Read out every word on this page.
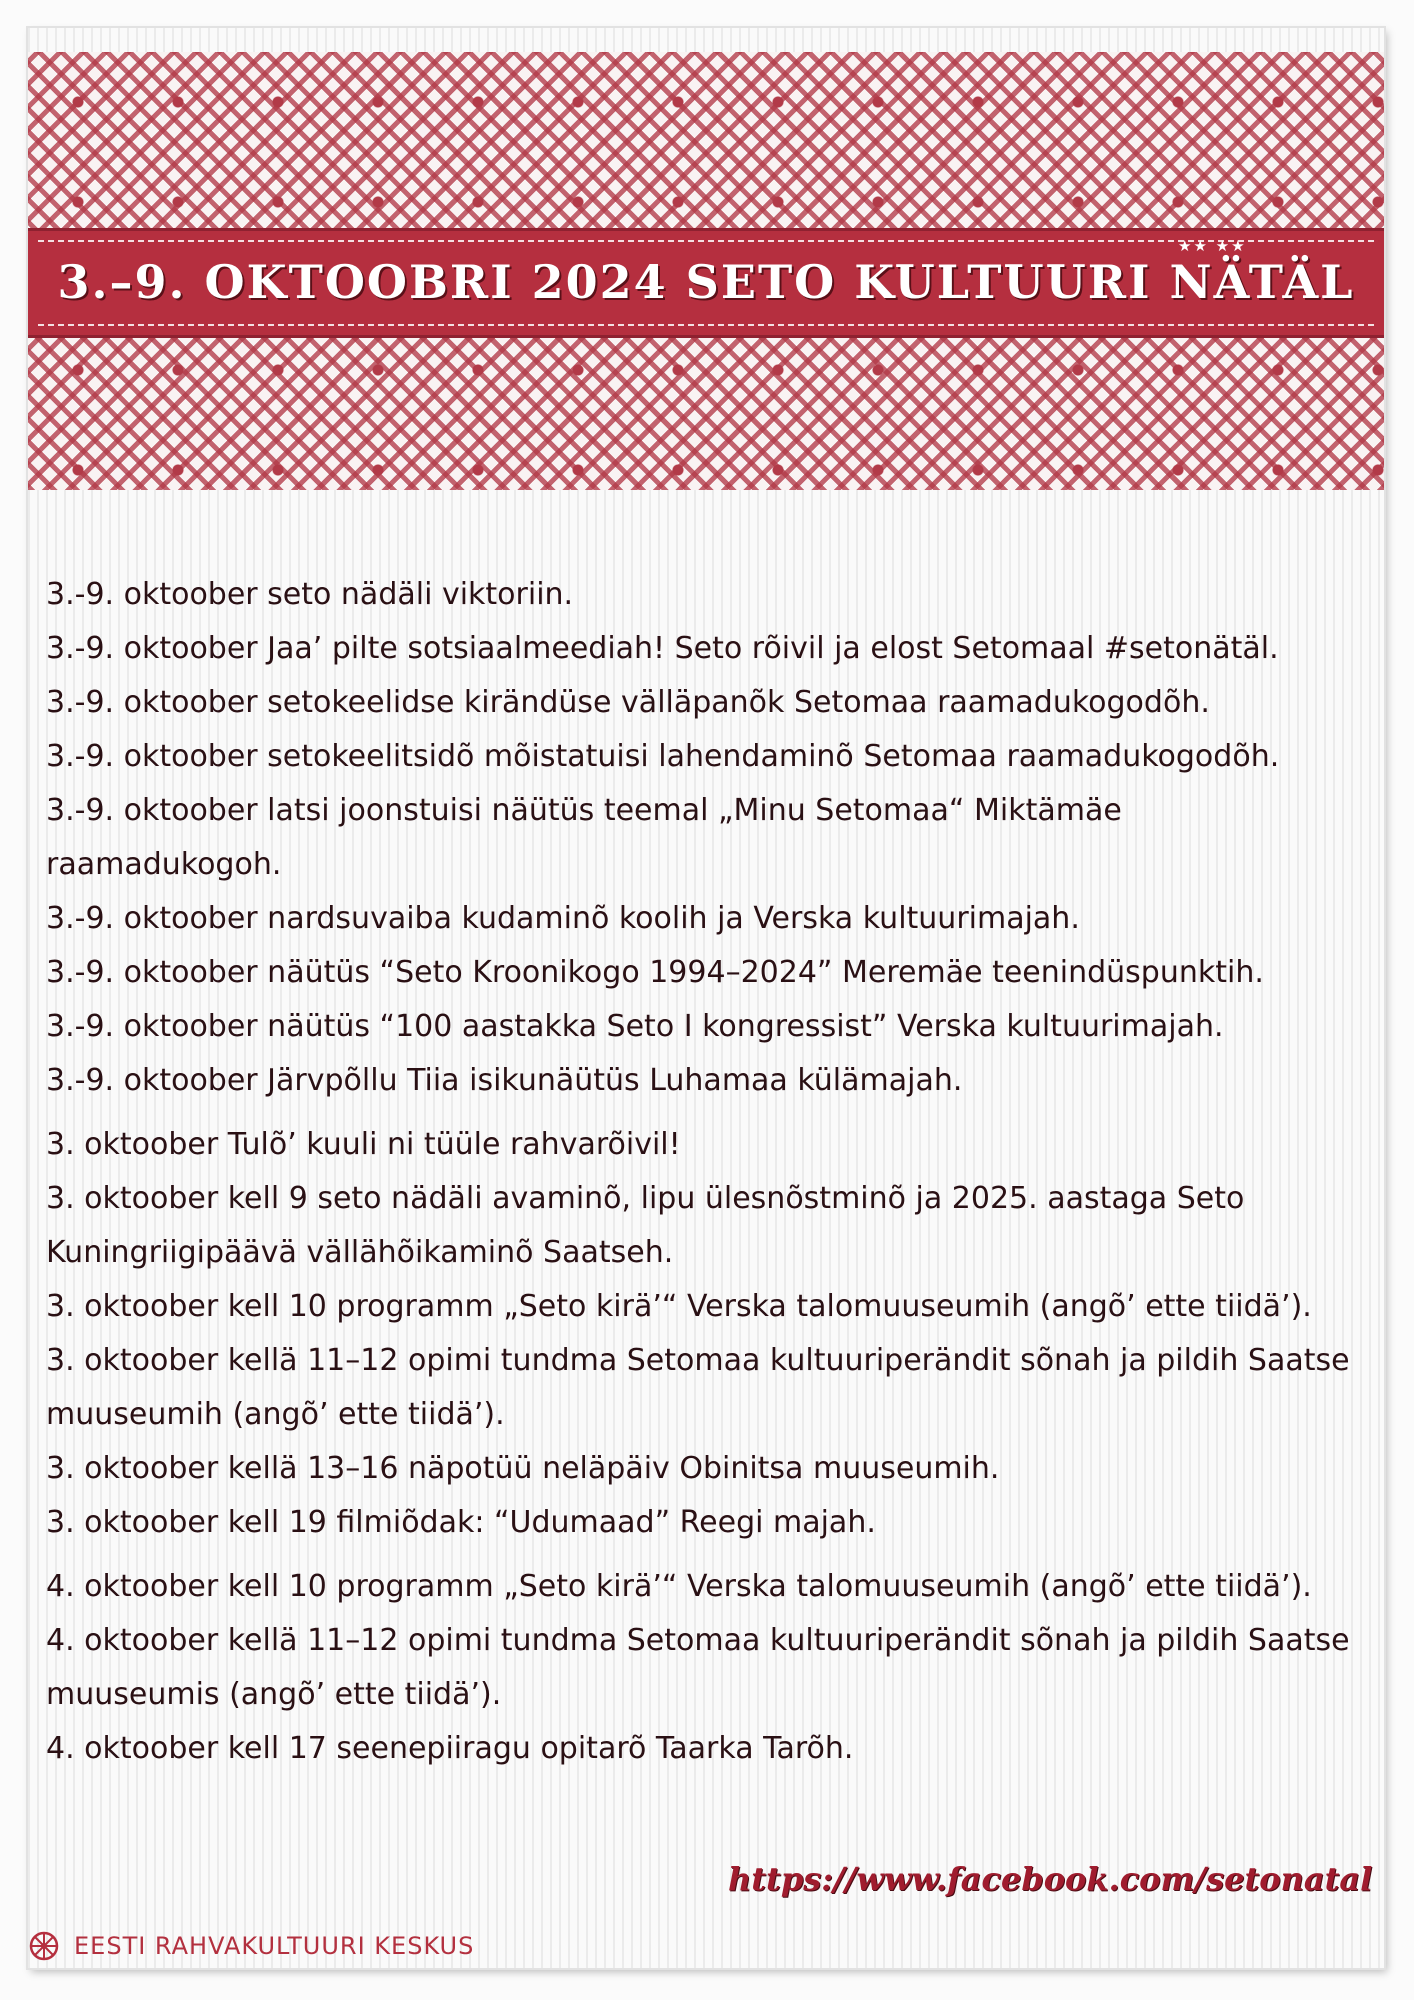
★★ ★★
3.–9. OKTOOBRI 2024 SETO KULTUURI NÄTÄL

3.-9. oktoober seto nädäli viktoriin.

3.-9. oktoober Jaa’ pilte sotsiaalmeediah! Seto rõivil ja elost Setomaal #setonätäl.

3.-9. oktoober setokeelidse kirändüse välläpanõk Setomaa raamadukogodõh.

3.-9. oktoober setokeelitsidõ mõistatuisi lahendaminõ Setomaa raamadukogodõh.

3.-9. oktoober latsi joonstuisi näütüs teemal „Minu Setomaa“ Miktämäe raamadukogoh.

3.-9. oktoober nardsuvaiba kudaminõ koolih ja Verska kultuurimajah.

3.-9. oktoober näütüs “Seto Kroonikogo 1994–2024” Meremäe teenindüspunktih.

3.-9. oktoober näütüs “100 aastakka Seto I kongressist” Verska kultuurimajah.

3.-9. oktoober Järvpõllu Tiia isikunäütüs Luhamaa külämajah.

3. oktoober Tulõ’ kuuli ni tüüle rahvarõivil!

3. oktoober kell 9 seto nädäli avaminõ, lipu ülesnõstminõ ja 2025. aastaga Seto Kuningriigipäävä vällähõikaminõ Saatseh.

3. oktoober kell 10 programm „Seto kirä’“ Verska talomuuseumih (angõ’ ette tiidä’).

3. oktoober kellä 11–12 opimi tundma Setomaa kultuuriperändit sõnah ja pildih Saatse muuseumih (angõ’ ette tiidä’).

3. oktoober kellä 13–16 näpotüü neläpäiv Obinitsa muuseumih.

3. oktoober kell 19 filmiõdak: “Udumaad” Reegi majah.

4. oktoober kell 10 programm „Seto kirä’“ Verska talomuuseumih (angõ’ ette tiidä’).

4. oktoober kellä 11–12 opimi tundma Setomaa kultuuriperändit sõnah ja pildih Saatse muuseumis (angõ’ ette tiidä’).

4. oktoober kell 17 seenepiiragu opitarõ Taarka Tarõh.

https://www.facebook.com/setonatal
EESTI RAHVAKULTUURI KESKUS
